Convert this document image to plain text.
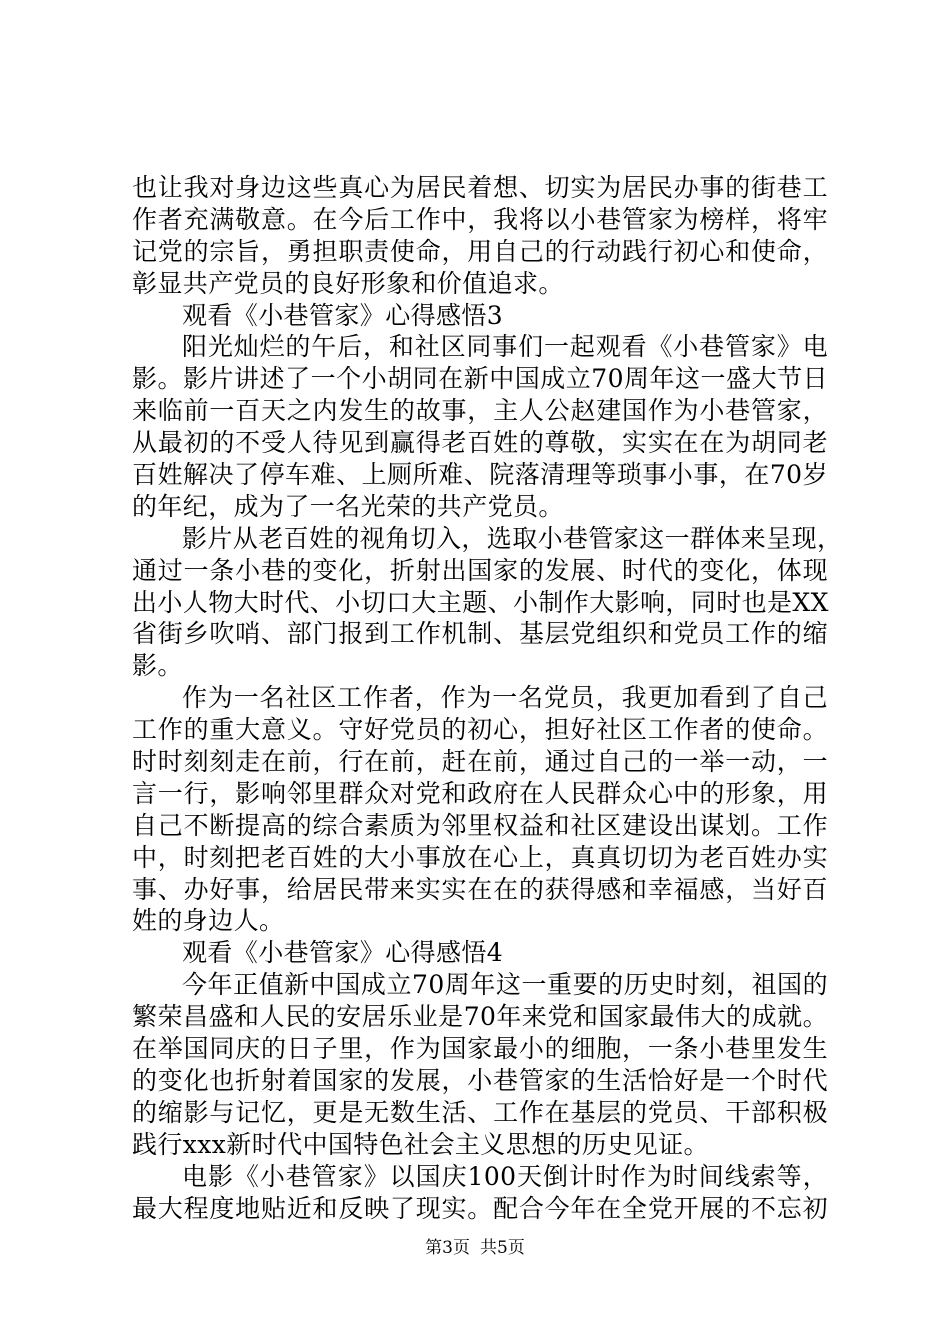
也让我对身边这些真心为居民着想、切实为居民办事的街巷工
作者充满敬意。在今后工作中，我将以小巷管家为榜样，将牢
记党的宗旨，勇担职责使命，用自己的行动践行初心和使命，
彰显共产党员的良好形象和价值追求。
观看《小巷管家》心得感悟3
阳光灿烂的午后，和社区同事们一起观看《小巷管家》电
影。影片讲述了一个小胡同在新中国成立70周年这一盛大节日
来临前一百天之内发生的故事，主人公赵建国作为小巷管家，
从最初的不受人待见到赢得老百姓的尊敬，实实在在为胡同老
百姓解决了停车难、上厕所难、院落清理等琐事小事，在70岁
的年纪，成为了一名光荣的共产党员。
影片从老百姓的视角切入，选取小巷管家这一群体来呈现，
通过一条小巷的变化，折射出国家的发展、时代的变化，体现
出小人物大时代、小切口大主题、小制作大影响，同时也是XX
省街乡吹哨、部门报到工作机制、基层党组织和党员工作的缩
影。
作为一名社区工作者，作为一名党员，我更加看到了自己
工作的重大意义。守好党员的初心，担好社区工作者的使命。
时时刻刻走在前，行在前，赶在前，通过自己的一举一动，一
言一行，影响邻里群众对党和政府在人民群众心中的形象，用
自己不断提高的综合素质为邻里权益和社区建设出谋划。工作
中，时刻把老百姓的大小事放在心上，真真切切为老百姓办实
事、办好事，给居民带来实实在在的获得感和幸福感，当好百
姓的身边人。
观看《小巷管家》心得感悟4
今年正值新中国成立70周年这一重要的历史时刻，祖国的
繁荣昌盛和人民的安居乐业是70年来党和国家最伟大的成就。
在举国同庆的日子里，作为国家最小的细胞，一条小巷里发生
的变化也折射着国家的发展，小巷管家的生活恰好是一个时代
的缩影与记忆，更是无数生活、工作在基层的党员、干部积极
践行xxx新时代中国特色社会主义思想的历史见证。
电影《小巷管家》以国庆100天倒计时作为时间线索等，
最大程度地贴近和反映了现实。配合今年在全党开展的不忘初
第3页 共5页
